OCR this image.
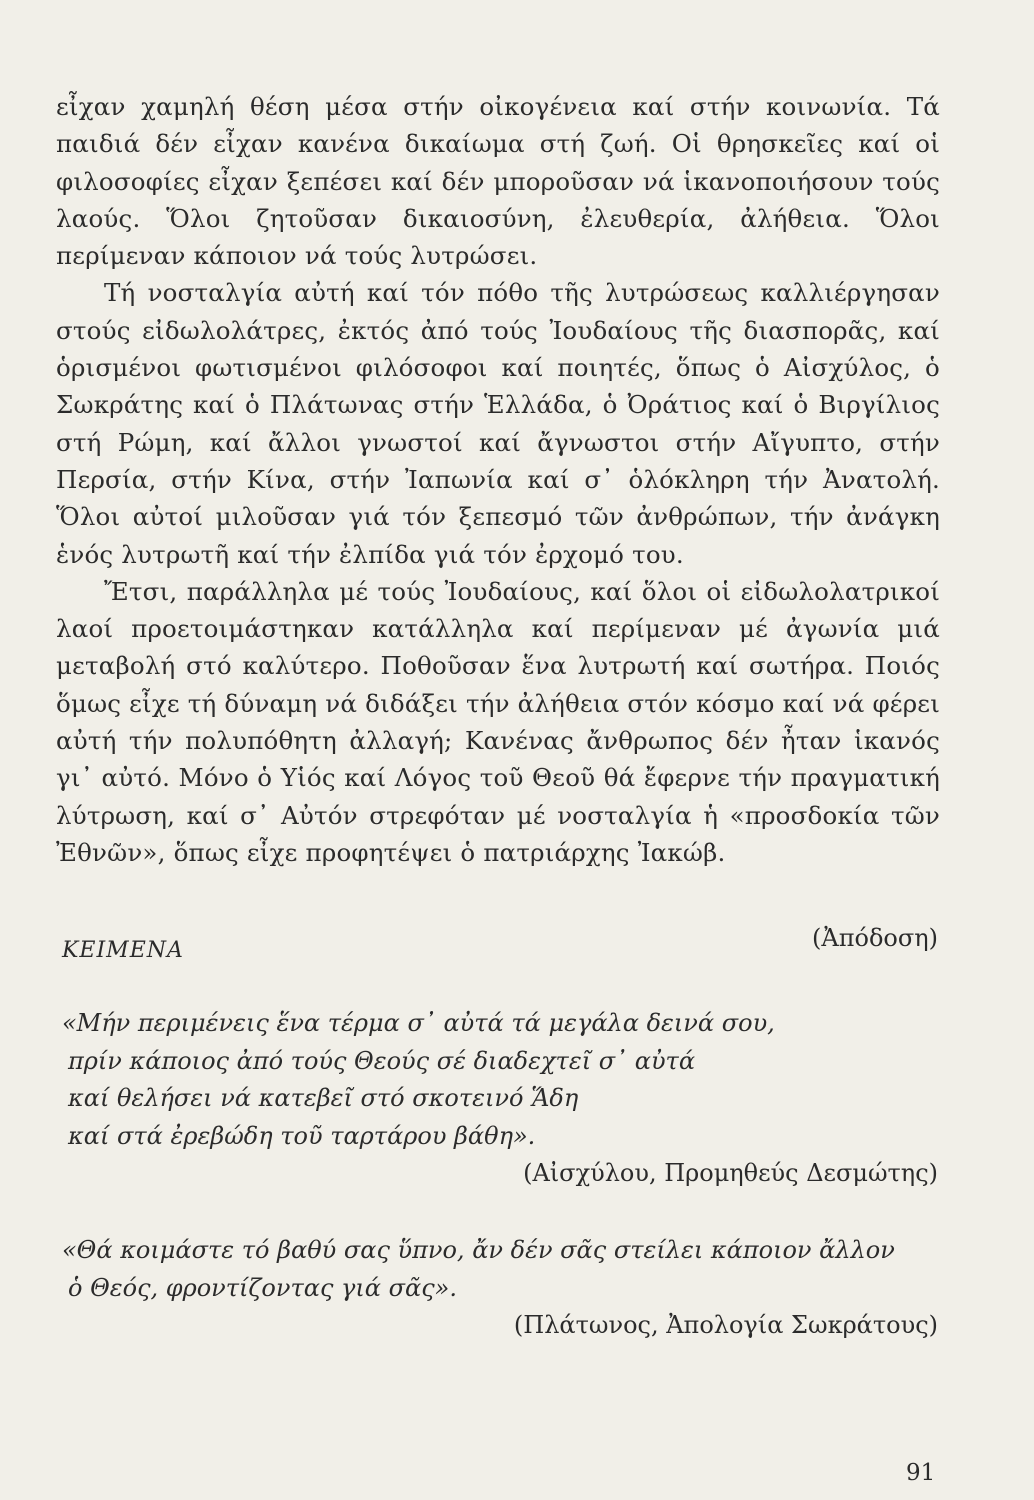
εἶχαν χαμηλή θέση μέσα στήν οἰκογένεια καί στήν κοινωνία. Τά παιδιά δέν εἶχαν κανένα δικαίωμα στή ζωή. Οἱ θρησκεῖες καί οἱ φιλοσοφίες εἶχαν ξεπέσει καί δέν μποροῦσαν νά ἱκανοποιήσουν τούς λαούς. Ὅλοι ζητοῦσαν δικαιοσύνη, ἐλευθερία, ἀλήθεια. Ὅλοι περίμεναν κάποιον νά τούς λυτρώσει.

Τή νοσταλγία αὐτή καί τόν πόθο τῆς λυτρώσεως καλλιέργησαν στούς εἰδωλολάτρες, ἐκτός ἀπό τούς Ἰουδαίους τῆς διασπορᾶς, καί ὁρισμένοι φωτισμένοι φιλόσοφοι καί ποιητές, ὅπως ὁ Αἰσχύλος, ὁ Σωκράτης καί ὁ Πλάτωνας στήν Ἑλλάδα, ὁ Ὀράτιος καί ὁ Βιργίλιος στή Ρώμη, καί ἄλλοι γνωστοί καί ἄγνωστοι στήν Αἴγυπτο, στήν Περσία, στήν Κίνα, στήν Ἰαπωνία καί σ᾽ ὁλόκληρη τήν Ἀνατολή. Ὅλοι αὐτοί μιλοῦσαν γιά τόν ξεπεσμό τῶν ἀνθρώπων, τήν ἀνάγκη ἑνός λυτρωτῆ καί τήν ἐλπίδα γιά τόν ἐρχομό του.

Ἔτσι, παράλληλα μέ τούς Ἰουδαίους, καί ὅλοι οἱ εἰδωλολατρικοί λαοί προετοιμάστηκαν κατάλληλα καί περίμεναν μέ ἀγωνία μιά μεταβολή στό καλύτερο. Ποθοῦσαν ἕνα λυτρωτή καί σωτήρα. Ποιός ὅμως εἶχε τή δύναμη νά διδάξει τήν ἀλήθεια στόν κόσμο καί νά φέρει αὐτή τήν πολυπόθητη ἀλλαγή; Κανένας ἄνθρωπος δέν ἦταν ἱκανός γι᾽ αὐτό. Μόνο ὁ Υἱός καί Λόγος τοῦ Θεοῦ θά ἔφερνε τήν πραγματική λύτρωση, καί σ᾽ Αὐτόν στρεφόταν μέ νοσταλγία ἡ «προσδοκία τῶν Ἐθνῶν», ὅπως εἶχε προφητέψει ὁ πατριάρχης Ἰακώβ.

ΚΕΙΜΕΝΑ	(Ἀπόδοση)
«Μήν περιμένεις ἕνα τέρμα σ᾽ αὐτά τά μεγάλα δεινά σου,
πρίν κάποιος ἀπό τούς Θεούς σέ διαδεχτεῖ σ᾽ αὐτά
καί θελήσει νά κατεβεῖ στό σκοτεινό Ἅδη
καί στά ἐρεβώδη τοῦ ταρτάρου βάθη».
(Αἰσχύλου, Προμηθεύς Δεσμώτης)
«Θά κοιμάστε τό βαθύ σας ὕπνο, ἄν δέν σᾶς στείλει κάποιον ἄλλον
ὁ Θεός, φροντίζοντας γιά σᾶς».
(Πλάτωνος, Ἀπολογία Σωκράτους)
91
